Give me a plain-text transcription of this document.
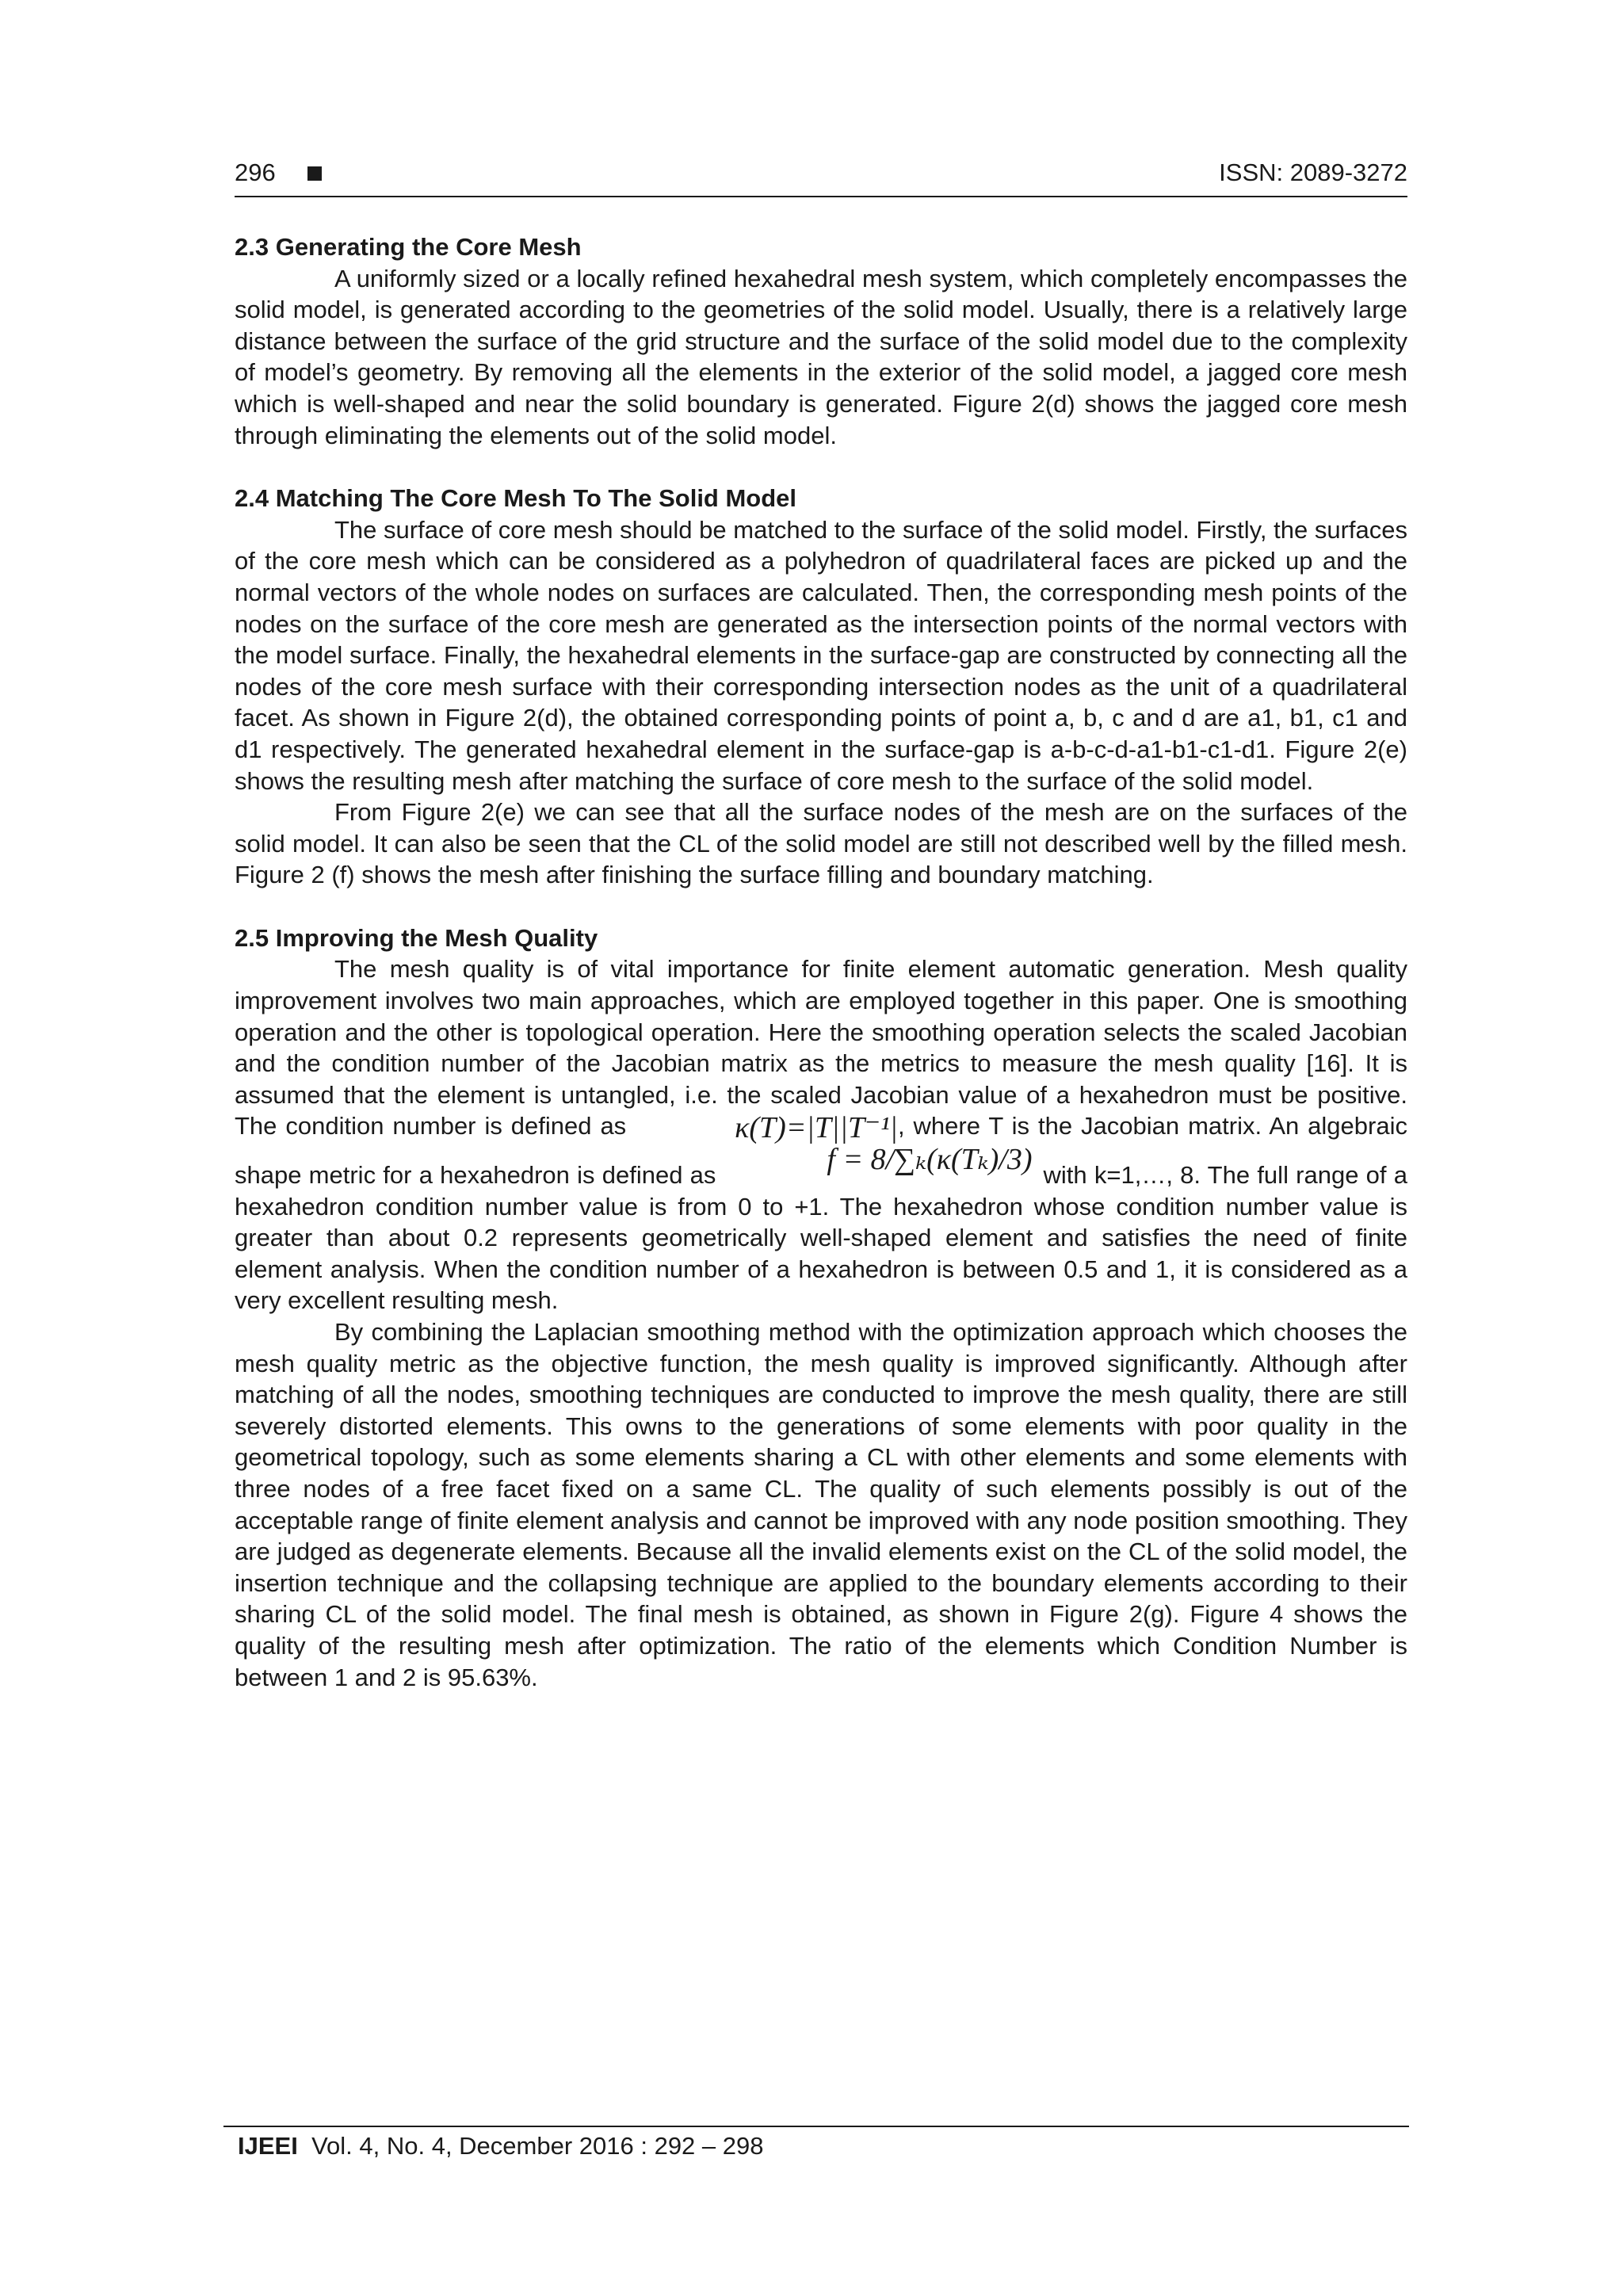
296	ISSN: 2089-3272
2.3 Generating the Core Mesh

A uniformly sized or a locally refined hexahedral mesh system, which completely encompasses the solid model, is generated according to the geometries of the solid model. Usually, there is a relatively large distance between the surface of the grid structure and the surface of the solid model due to the complexity of model’s geometry. By removing all the elements in the exterior of the solid model, a jagged core mesh which is well-shaped and near the solid boundary is generated. Figure 2(d) shows the jagged core mesh through eliminating the elements out of the solid model.

2.4 Matching The Core Mesh To The Solid Model

The surface of core mesh should be matched to the surface of the solid model. Firstly, the surfaces of the core mesh which can be considered as a polyhedron of quadrilateral faces are picked up and the normal vectors of the whole nodes on surfaces are calculated. Then, the corresponding mesh points of the nodes on the surface of the core mesh are generated as the intersection points of the normal vectors with the model surface. Finally, the hexahedral elements in the surface-gap are constructed by connecting all the nodes of the core mesh surface with their corresponding intersection nodes as the unit of a quadrilateral facet. As shown in Figure 2(d), the obtained corresponding points of point a, b, c and d are a1, b1, c1 and d1 respectively. The generated hexahedral element in the surface-gap is a-b-c-d-a1-b1-c1-d1. Figure 2(e) shows the resulting mesh after matching the surface of core mesh to the surface of the solid model.

From Figure 2(e) we can see that all the surface nodes of the mesh are on the surfaces of the solid model. It can also be seen that the CL of the solid model are still not described well by the filled mesh. Figure 2 (f) shows the mesh after finishing the surface filling and boundary matching.

2.5 Improving the Mesh Quality

The mesh quality is of vital importance for finite element automatic generation. Mesh quality improvement involves two main approaches, which are employed together in this paper. One is smoothing operation and the other is topological operation. Here the smoothing operation selects the scaled Jacobian and the condition number of the Jacobian matrix as the metrics to measure the mesh quality [16]. It is assumed that the element is untangled, i.e. the scaled Jacobian value of a hexahedron must be positive. The condition number is defined as	κ(T)=|T||T⁻¹|, where T is the Jacobian matrix. An algebraic shape metric for a hexahedron is defined as	f = 8/∑ₖ(κ(Tₖ)/3) with k=1,…, 8. The full range of a hexahedron condition number value is from 0 to +1. The hexahedron whose condition number value is greater than about 0.2 represents geometrically well-shaped element and satisfies the need of finite element analysis. When the condition number of a hexahedron is between 0.5 and 1, it is considered as a very excellent resulting mesh.

By combining the Laplacian smoothing method with the optimization approach which chooses the mesh quality metric as the objective function, the mesh quality is improved significantly. Although after matching of all the nodes, smoothing techniques are conducted to improve the mesh quality, there are still severely distorted elements. This owns to the generations of some elements with poor quality in the geometrical topology, such as some elements sharing a CL with other elements and some elements with three nodes of a free facet fixed on a same CL. The quality of such elements possibly is out of the acceptable range of finite element analysis and cannot be improved with any node position smoothing. They are judged as degenerate elements. Because all the invalid elements exist on the CL of the solid model, the insertion technique and the collapsing technique are applied to the boundary elements according to their sharing CL of the solid model. The final mesh is obtained, as shown in Figure 2(g). Figure 4 shows the quality of the resulting mesh after optimization. The ratio of the elements which Condition Number is between 1 and 2 is 95.63%.

IJEEI Vol. 4, No. 4, December 2016 : 292 – 298
